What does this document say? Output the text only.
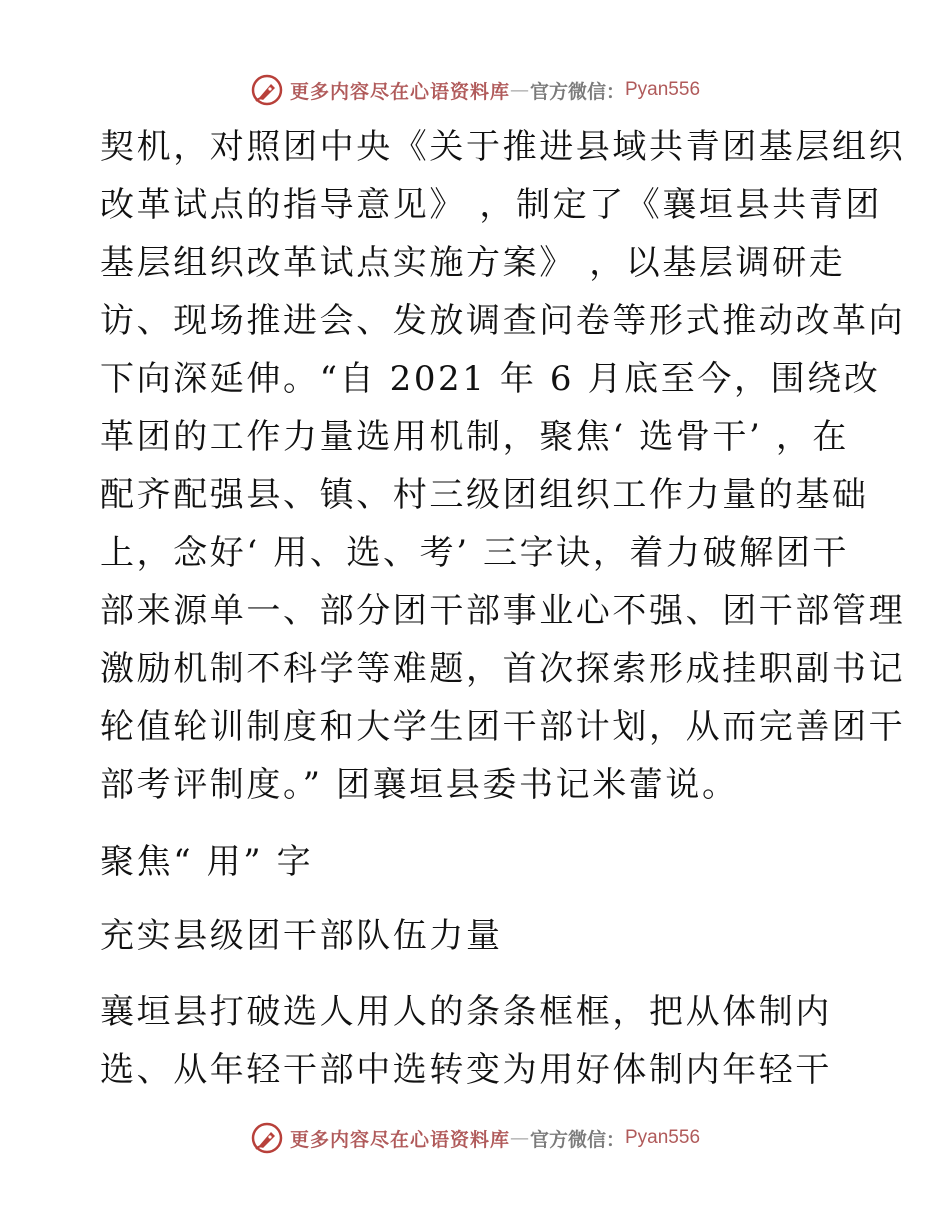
更多内容尽在心语资料库 — 官方微信： Pyan556
契机，对照团中央《关于推进县域共青团基层组织
改革试点的指导意见》 ，制定了《襄垣县共青团
基层组织改革试点实施方案》 ，以基层调研走
访、现场推进会、发放调查问卷等形式推动改革向
下向深延伸。“自 2021 年 6 月底至今，围绕改
革团的工作力量选用机制，聚焦‘ 选骨干’ ，在
配齐配强县、镇、村三级团组织工作力量的基础
上，念好‘ 用、选、考’ 三字诀，着力破解团干
部来源单一、部分团干部事业心不强、团干部管理
激励机制不科学等难题，首次探索形成挂职副书记
轮值轮训制度和大学生团干部计划，从而完善团干
部考评制度。” 团襄垣县委书记米蕾说。
聚焦“ 用” 字
充实县级团干部队伍力量
襄垣县打破选人用人的条条框框，把从体制内
选、从年轻干部中选转变为用好体制内年轻干
更多内容尽在心语资料库 — 官方微信： Pyan556
